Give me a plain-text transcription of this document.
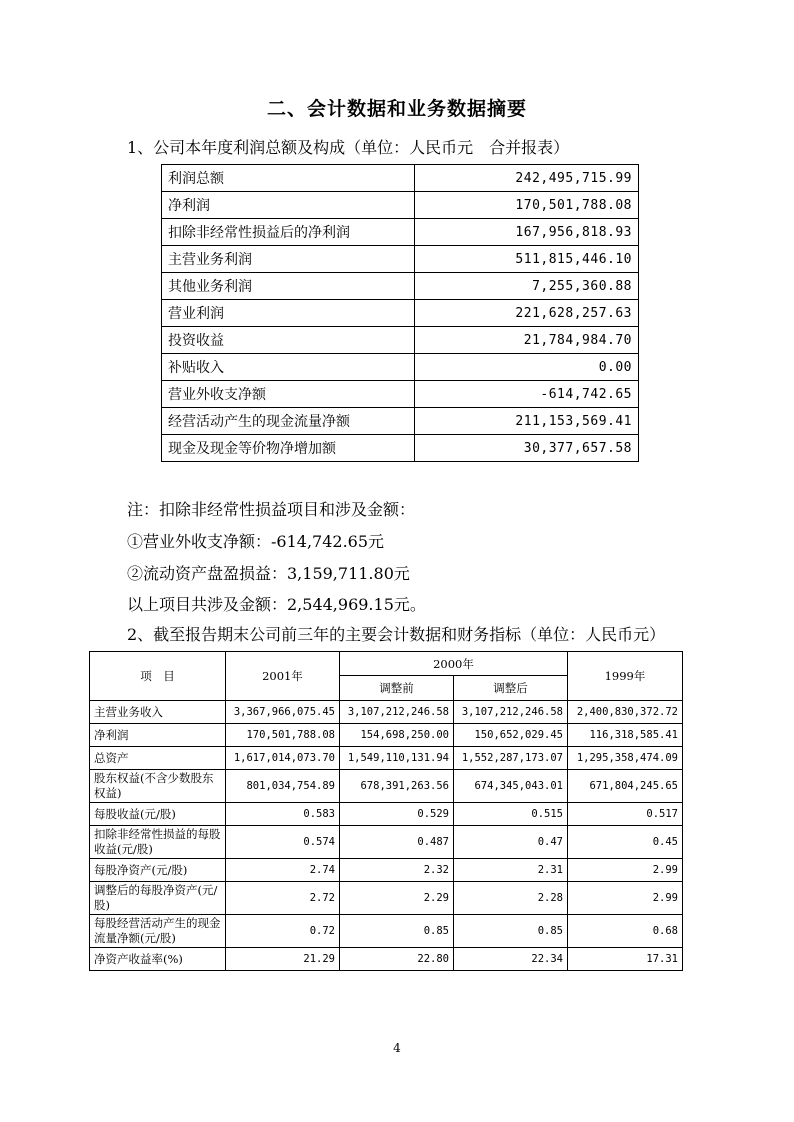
二、会计数据和业务数据摘要
1、公司本年度利润总额及构成（单位：人民币元　合并报表）
利润总额	242,495,715.99
净利润	170,501,788.08
扣除非经常性损益后的净利润	167,956,818.93
主营业务利润	511,815,446.10
其他业务利润	7,255,360.88
营业利润	221,628,257.63
投资收益	21,784,984.70
补贴收入	0.00
营业外收支净额	-614,742.65
经营活动产生的现金流量净额	211,153,569.41
现金及现金等价物净增加额	30,377,657.58
注：扣除非经常性损益项目和涉及金额：
①营业外收支净额：-614,742.65元
②流动资产盘盈损益：3,159,711.80元
以上项目共涉及金额：2,544,969.15元。
2、截至报告期末公司前三年的主要会计数据和财务指标（单位：人民币元）
项　目	2001年	2000年		1999年
		调整前	调整后	
主营业务收入	3,367,966,075.45	3,107,212,246.58	3,107,212,246.58	2,400,830,372.72
净利润	170,501,788.08	154,698,250.00	150,652,029.45	116,318,585.41
总资产	1,617,014,073.70	1,549,110,131.94	1,552,287,173.07	1,295,358,474.09
股东权益(不含少数股东权益)	801,034,754.89	678,391,263.56	674,345,043.01	671,804,245.65
每股收益(元/股)	0.583	0.529	0.515	0.517
扣除非经常性损益的每股收益(元/股)	0.574	0.487	0.47	0.45
每股净资产(元/股)	2.74	2.32	2.31	2.99
调整后的每股净资产(元/股)	2.72	2.29	2.28	2.99
每股经营活动产生的现金流量净额(元/股)	0.72	0.85	0.85	0.68
净资产收益率(%)	21.29	22.80	22.34	17.31
4
